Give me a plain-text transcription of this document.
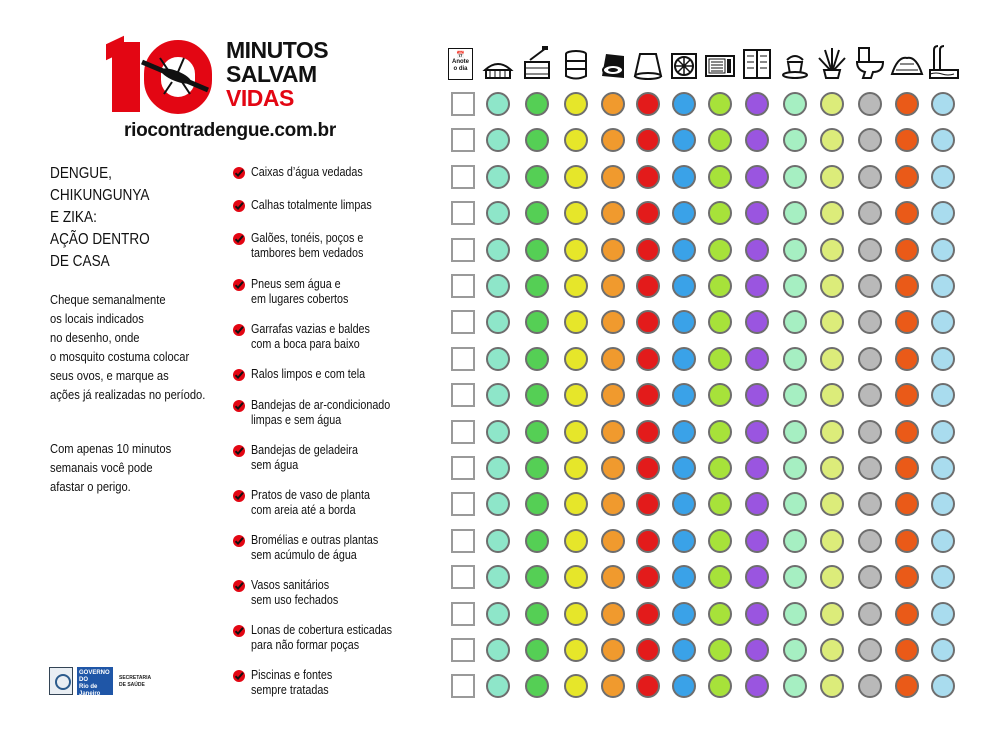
MINUTOS
SALVAM
VIDAS
riocontradengue.com.br
DENGUE,
CHIKUNGUNYA
E ZIKA:
AÇÃO DENTRO
DE CASA
Cheque semanalmente
os locais indicados
no desenho, onde
o mosquito costuma colocar
seus ovos, e marque as
ações já realizadas no período.
Com apenas 10 minutos
semanais você pode
afastar o perigo.
GOVERNO DO
Rio de
Janeiro
SECRETARIA
DE SAÚDE
Caixas d’água vedadas
Calhas totalmente limpas
Galões, tonéis, poços e
tambores bem vedados
Pneus sem água e
em lugares cobertos
Garrafas vazias e baldes
com a boca para baixo
Ralos limpos e com tela
Bandejas de ar-condicionado
limpas e sem água
Bandejas de geladeira
sem água
Pratos de vaso de planta
com areia até a borda
Bromélias e outras plantas
sem acúmulo de água
Vasos sanitários
sem uso fechados
Lonas de cobertura esticadas
para não formar poças
Piscinas e fontes
sempre tratadas
📅
Anote
o dia
